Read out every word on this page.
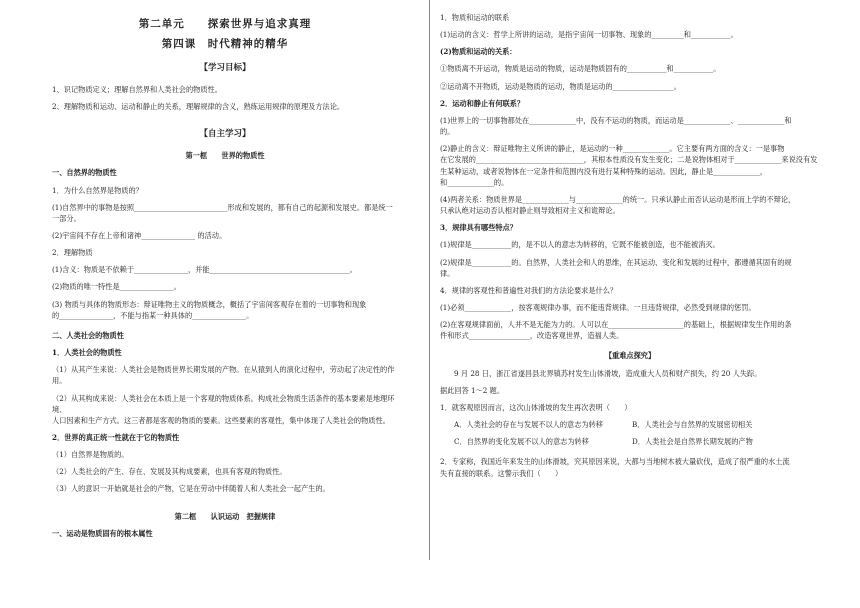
第二单元　　探索世界与追求真理
第四课　时代精神的精华
【学习目标】

1、识记物质定义；理解自然界和人类社会的物质性。

2、理解物质和运动、运动和静止的关系，理解规律的含义，熟练运用规律的原理及方法论。

【自主学习】
第一框　　世界的物质性

一、自然界的物质性

1．为什么自然界是物质的？

(1)自然界中的事物是按照__________________________形成和发展的，都有自己的起源和发展史。都是统一

一部分。

(2)宇宙间不存在上帝和诸神_______________ 的活动。

2．理解物质

(1)含义：物质是不依赖于_______________，并能_______________________________________。

(2)物质的唯一特性是_______________。

(3) 物质与具体的物质形态：辩证唯物主义的物质概念，概括了宇宙间客观存在着的一切事物和现象

的_______________，不能与指某一种具体的_______________。

二、人类社会的物质性

1．人类社会的物质性

（1）从其产生来说：人类社会是物质世界长期发展的产物。在从猿到人的演化过程中，劳动起了决定性的作用。

（2）从其构成来说：人类社会在本质上是一个客观的物质体系。构成社会物质生活条件的基本要素是地理环境、

人口因素和生产方式。这三者都是客观的物质的要素。这些要素的客观性，集中体现了人类社会的物质性。

2．世界的真正统一性就在于它的物质性

（1）自然界是物质的。

（2）人类社会的产生、存在、发展及其构成要素，也具有客观的物质性。

（3）人的意识一开始就是社会的产物，它是在劳动中伴随着人和人类社会一起产生的。

第二框　　认识运动　把握规律

一、运动是物质固有的根本属性

1．物质和运动的联系

(1)运动的含义：哲学上所讲的运动，是指宇宙间一切事物、现象的_________和___________。

(2)物质和运动的关系：

①物质离不开运动，物质是运动的物质，运动是物质固有的___________和___________。

②运动离不开物质，运动是物质的运动，物质是运动的_________________。

2．运动和静止有何联系？

(1)世界上的一切事物都处在_____________中，没有不运动的物质，而运动是_____________、_____________和

的。

(2)静止的含义：辩证唯物主义所讲的静止，是运动的一种_____________。它主要有两方面的含义：一是事物

在它发展的______________________________，其根本性质没有发生变化；二是说物体相对于_____________来说没有发

生某种运动，或者说物体在一定条件和范围内没有进行某种特殊的运动。因此，静止是_____________，

和_____________的。

(4)两者关系：物质世界是_____________与_____________的统一。只承认静止而否认运动是形而上学的不辩论，

只承认绝对运动否认相对静止则导致相对主义和诡辩论。

3．规律具有哪些特点？

(1)规律是___________的，是不以人的意志为转移的，它既不能被创造，也不能被消灭。

(2)规律是___________的。自然界，人类社会和人的思维，在其运动、变化和发展的过程中，都遵循其固有的规

律。

4．规律的客观性和普遍性对我们的方法论要求是什么？

(1)必须_____________，按客观规律办事，而不能违背规律。一旦违背规律，必然受到规律的惩罚。

(2)在客观规律面前，人并不是无能为力的。人可以在_____________________的基础上，根据规律发生作用的条

件和形式_________________，改造客观世界，造福人类。

【重难点探究】

9 月 28 日，浙江省遂昌县北界镇苏村发生山体滑坡，造成重大人员和财产损失，约 20 人失踪。

据此回答 1～2 题。

1．就客观原因而言，这次山体滑坡的发生再次表明（　　）

A．人类社会的存在与发展不以人的意志为转移	B．人类社会与自然界的发展密切相关
C．自然界的变化发展不以人的意志为转移	D．人类社会是自然界长期发展的产物

2．专家称，我国近年来发生的山体滑坡，究其原因来说，大都与当地树木被大量砍伐，造成了很严重的水土流

失有直接的联系。这警示我们（　　）
